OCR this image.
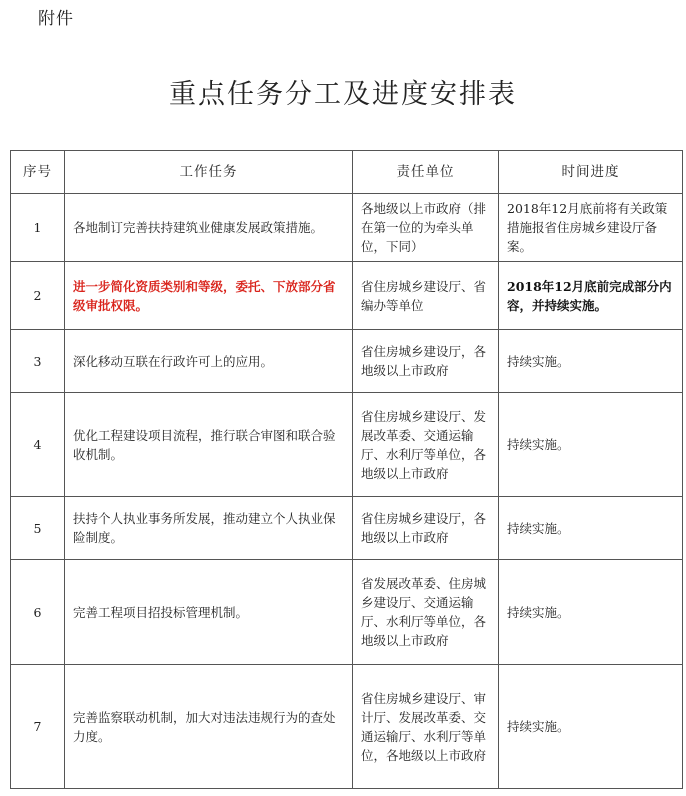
附件
重点任务分工及进度安排表
序号	工作任务	责任单位	时间进度
1	各地制订完善扶持建筑业健康发展政策措施。	各地级以上市政府（排在第一位的为牵头单位，下同）	2018年12月底前将有关政策措施报省住房城乡建设厅备案。
2	进一步简化资质类别和等级，委托、下放部分省级审批权限。	省住房城乡建设厅、省编办等单位	2018年12月底前完成部分内容，并持续实施。
3	深化移动互联在行政许可上的应用。	省住房城乡建设厅，各地级以上市政府	持续实施。
4	优化工程建设项目流程，推行联合审图和联合验收机制。	省住房城乡建设厅、发展改革委、交通运输厅、水利厅等单位，各地级以上市政府	持续实施。
5	扶持个人执业事务所发展，推动建立个人执业保险制度。	省住房城乡建设厅，各地级以上市政府	持续实施。
6	完善工程项目招投标管理机制。	省发展改革委、住房城乡建设厅、交通运输厅、水利厅等单位，各地级以上市政府	持续实施。
7	完善监察联动机制，加大对违法违规行为的查处力度。	省住房城乡建设厅、审计厅、发展改革委、交通运输厅、水利厅等单位，各地级以上市政府	持续实施。
